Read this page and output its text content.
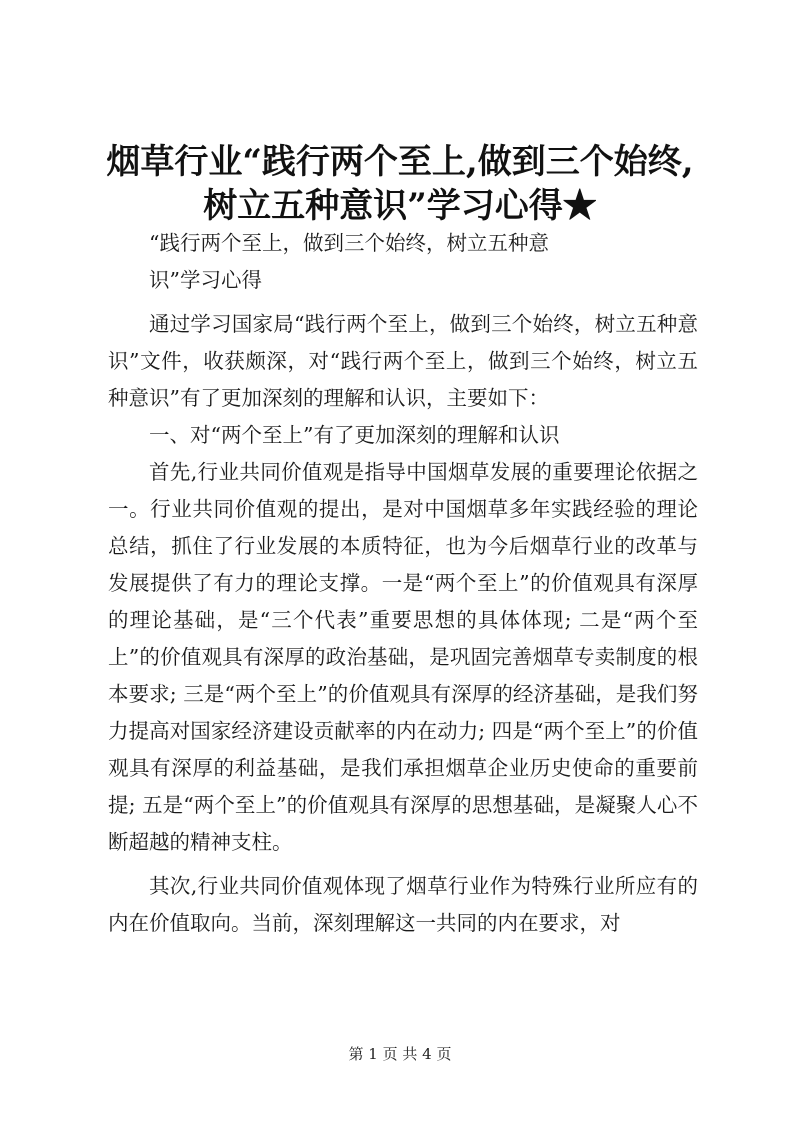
烟草行业“践行两个至上,做到三个始终,树立五种意识”学习心得★

“践行两个至上，做到三个始终，树立五种意

识”学习心得

通过学习国家局“践行两个至上，做到三个始终，树立五种意识”文件，收获颇深，对“践行两个至上，做到三个始终，树立五种意识”有了更加深刻的理解和认识，主要如下：

一、对“两个至上”有了更加深刻的理解和认识

首先,行业共同价值观是指导中国烟草发展的重要理论依据之一。行业共同价值观的提出，是对中国烟草多年实践经验的理论总结，抓住了行业发展的本质特征，也为今后烟草行业的改革与发展提供了有力的理论支撑。一是“两个至上”的价值观具有深厚的理论基础，是“三个代表”重要思想的具体体现; 二是“两个至上”的价值观具有深厚的政治基础，是巩固完善烟草专卖制度的根本要求; 三是“两个至上”的价值观具有深厚的经济基础，是我们努力提高对国家经济建设贡献率的内在动力; 四是“两个至上”的价值观具有深厚的利益基础，是我们承担烟草企业历史使命的重要前提; 五是“两个至上”的价值观具有深厚的思想基础，是凝聚人心不断超越的精神支柱。

其次,行业共同价值观体现了烟草行业作为特殊行业所应有的内在价值取向。当前，深刻理解这一共同的内在要求，对

第 1 页 共 4 页
